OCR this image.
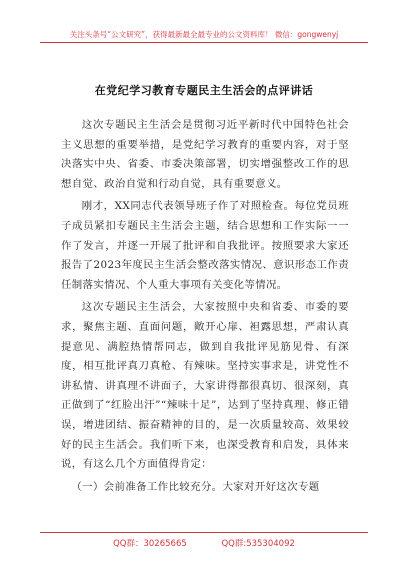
关注头条号“公文研究”，获得最新最全最专业的公文资料库！ 微信：gongwenyj
在党纪学习教育专题民主生活会的点评讲话

这次专题民主生活会是贯彻习近平新时代中国特色社会主义思想的重要举措，是党纪学习教育的重要内容，对于坚决落实中央、省委、市委决策部署，切实增强整改工作的思想自觉、政治自觉和行动自觉，具有重要意义。

刚才，XX同志代表领导班子作了对照检查。每位党员班子成员紧扣专题民主生活会主题，结合思想和工作实际一一作了发言，并逐一开展了批评和自我批评。按照要求大家还报告了2023年度民主生活会整改落实情况、意识形态工作责任制落实情况、个人重大事项有关变化等情况。

这次专题民主生活会，大家按照中央和省委、市委的要求，聚焦主题、直面问题，敞开心扉、袒露思想，严肃认真提意见、满腔热情帮同志，做到自我批评见筋见骨、有深度，相互批评真刀真枪、有辣味。坚持实事求是，讲党性不讲私情、讲真理不讲面子，大家讲得都很真切、很深刻，真正做到了“红脸出汗”“辣味十足”，达到了坚持真理、修正错误，增进团结、振奋精神的目的，是一次质量较高、效果较好的民主生活会。我们听下来，也深受教育和启发，具体来说，有这么几个方面值得肯定：

（一）会前准备工作比较充分。大家对开好这次专题

QQ群：30265665	QQ群:535304092
